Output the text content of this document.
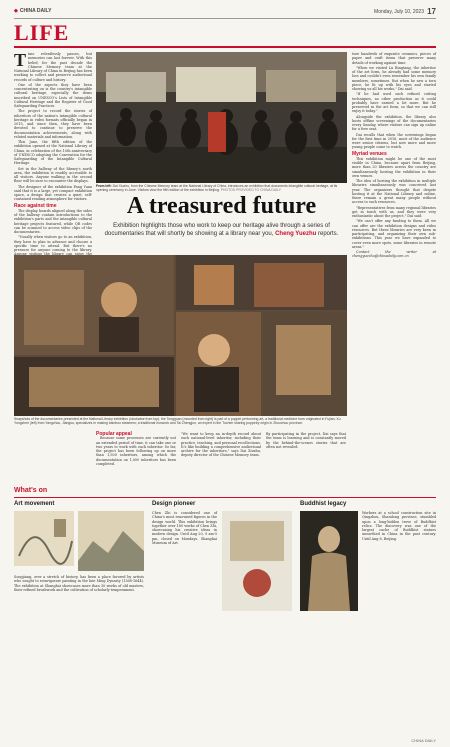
◆ CHINA DAILY	Monday, July 10, 2023 17
LIFE

Time relentlessly passes, but memories can last forever. With this belief, for the past decade the Chinese Memory team at the National Library of China in Beijing has been working to collect and preserve audiovisual records of culture and history.

One of the aspects they have been concentrating on is the country's intangible cultural heritage, especially the items inscribed on UNESCO's Lists of Intangible Cultural Heritage and the Register of Good Safeguarding Practices.

The project to record the stories of inheritors of the nation's intangible cultural heritage in video formats officially began in 2015, and since then, they have been devoted to continue to preserve the documentation achievements, along with related materials and information.

This June, the fifth edition of the exhibition opened at the National Library of China, in celebration of the 10th anniversary of UNESCO adopting the Convention for the Safeguarding of the Intangible Cultural Heritage.

Set in the hallway of the library's north area, the exhibition is readily accessible to all visitors. Anyone walking in the second floor will be sure to encounter the displays.

The designer of the exhibition Fang Yuan said that it is a large, yet compact exhibition space, a design that creates a quiet, self-contained reading atmosphere for visitors.

Race against time

The display boards aligned along the sides of the hallway contain introductions to the exhibition's parts and the intangible cultural heritage projects featured, while QR codes can be scanned to access video clips of the documentaries.

"Usually when visitors go to an exhibition, they have to plan in advance and choose a specific time to attend. But there's no pressure for anyone coming to the library.

From left: Dai Xiuzhu, from the Chinese Memory team at the National Library of China, introduces an exhibition that documents intangible cultural heritage, at its opening ceremony in June. Visitors view the fifth edition of the exhibition in Beijing. PHOTOS PROVIDED TO CHINA DAILY
A treasured future
Exhibition highlights those who work to keep our heritage alive through a series of documentaries that will shortly be showing at a library near you, Cheng Yuezhu reports.

ture hundreds of exquisite ceramics, pieces of paper and craft items that preserve many details of working against time.

"When we visited Lu Bingtang, the inheritor of the art form, he already had some memory loss and couldn't even remember his own family members, sometimes. But when he saw a torn piece, he lit up with his eyes and started showing us all his works," Dai said.

"If he had used such refined cutting techniques, no other production as it could probably have earned a lot more. But he preserved in the art form, so that we can still enjoy it today."

Alongside the exhibition, the library also hosts offline screenings of the documentaries every Sunday, where visitors can sign up online for a free seat.

Dai recalls that when the screenings began for the first time in 2016, most of the audience were senior citizens, but now more and more young people come to watch.

Myriad venues

This exhibition might be one of the most visible in China, because apart from Beijing, more than 20 libraries across the country are simultaneously hosting the exhibition in their own venues.

The idea of hosting the exhibition in multiple libraries simultaneously was conceived last year. The organizers thought that despite hosting it at the National Library and online, there remain a great many people without access to such resources.

"Representatives from many regional libraries got in touch with us, and they were very enthusiastic about the project," Dai said.

"We can't offer any funding to them. All we can offer are the exhibition designs and video resources. But these libraries are very keen in participating, and organizing their own sub-exhibitions. This year we have expanded to cover even more spots, some libraries in remote areas."

Contact the writer at chengyuezhu@chinadaily.com.cn

Snapshots of the documentaries presented at the National Library exhibition (clockwise from top): the Tongguan (mounted from right) is part of a puppet performing art, a traditional medicine form originated in Fujian; Xu Yongzhen (left) from Yangzhou, Jiangsu, specializes in making bamboo steamers; a traditional ironwork and Tai Zhengjun, an expert in the Tuchen sharing puppetry origin in Zhuozhou province.
Popular appeal

Because some processes are currently not an extended period of time, it can take one or two years to work with each inheritor. So far, the project has been following up on more than 1,500 inheritors, among which the documentation on 1,000 inheritors has been completed.

"We want to keep an in-depth record about each national-level inheritor, including their practice, teaching, and personal recollections. It's like building a comprehensive audiovisual archive for the inheritors," says Dai Xiuzhu, deputy director of the Chinese Memory team.

By participating in the project, Dai says that the team is learning and is constantly moved by the behind-the-scenes stories that are often not revealed.

What's on
Art movement
Songjiang, over a stretch of history, has been a place favored by artists who sought to reinvigorate painting in the late Ming Dynasty (1368-1644). The exhibition at Shanghai showcases more than 30 works of old masters, their refined brushwork and the cultivation of scholarly temperament.
Design pioneer
Chen Zhi is considered one of China's most renowned figures in the design world. This exhibition brings together over 180 works of Chen Zhi, showcasing his creative ideas in modern design. Until Aug 20, 9 am-5 pm, closed on Mondays. Shanghai Museum of Art.
Buddhist legacy
Workers at a school construction site in Qingzhou, Shandong province, stumbled upon a long-hidden trove of Buddhist relics. The discovery was one of the largest cache of Buddhist statues unearthed in China in the past century. Until Aug 6, Beijing.
CHINA DAILY
